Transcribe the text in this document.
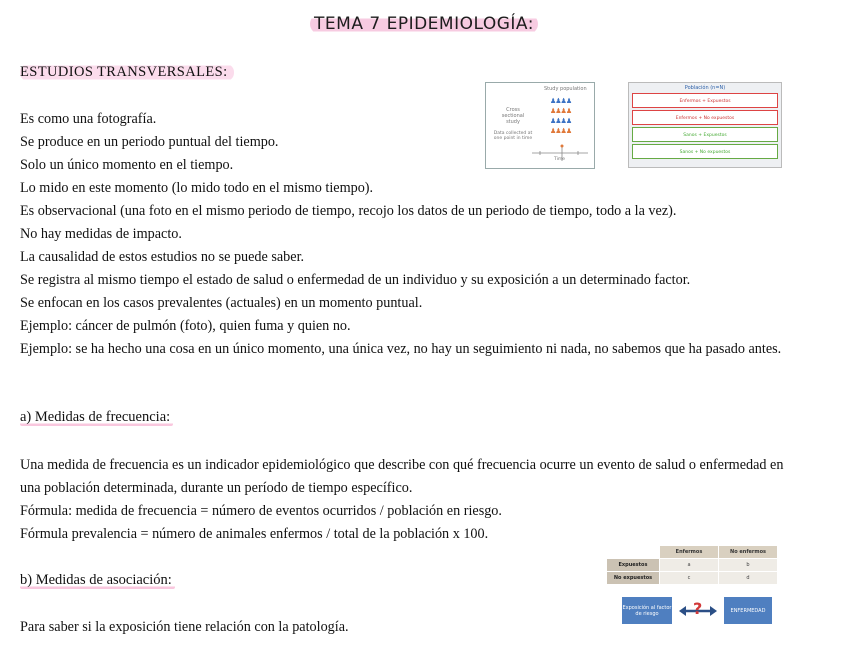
TEMA 7 EPIDEMIOLOGÍA:
ESTUDIOS TRANSVERSALES:
Es como una fotografía.
Se produce en un periodo puntual del tiempo.
Solo un único momento en el tiempo.
Lo mido en este momento (lo mido todo en el mismo tiempo).
Es observacional (una foto en el mismo periodo de tiempo, recojo los datos de un periodo de tiempo, todo a la vez).
No hay medidas de impacto.
La causalidad de estos estudios no se puede saber.
Se registra al mismo tiempo el estado de salud o enfermedad de un individuo y su exposición a un determinado factor.
Se enfocan en los casos prevalentes (actuales) en un momento puntual.
Ejemplo: cáncer de pulmón (foto), quien fuma y quien no.
Ejemplo: se ha hecho una cosa en un único momento, una única vez, no hay un seguimiento ni nada, no sabemos que ha pasado antes.
a) Medidas de frecuencia:
Una medida de frecuencia es un indicador epidemiológico que describe con qué frecuencia ocurre un evento de salud o enfermedad en una población determinada, durante un período de tiempo específico.
Fórmula: medida de frecuencia = número de eventos ocurridos / población en riesgo.
Fórmula prevalencia = número de animales enfermos / total de la población x 100.
b) Medidas de asociación:
Para saber si la exposición tiene relación con la patología.
Study population
♟♟♟♟
♟♟♟♟
♟♟♟♟
♟♟♟♟
Cross sectional study
Data collected at one point in time
Time
Población (n=N)
Enfermos + Expuestos
Enfermos + No expuestos
Sanos + Expuestos
Sanos + No expuestos
	Enfermos	No enfermos
Expuestos	a	b
No expuestos	c	d
Exposición al factor de riesgo	?	ENFERMEDAD
